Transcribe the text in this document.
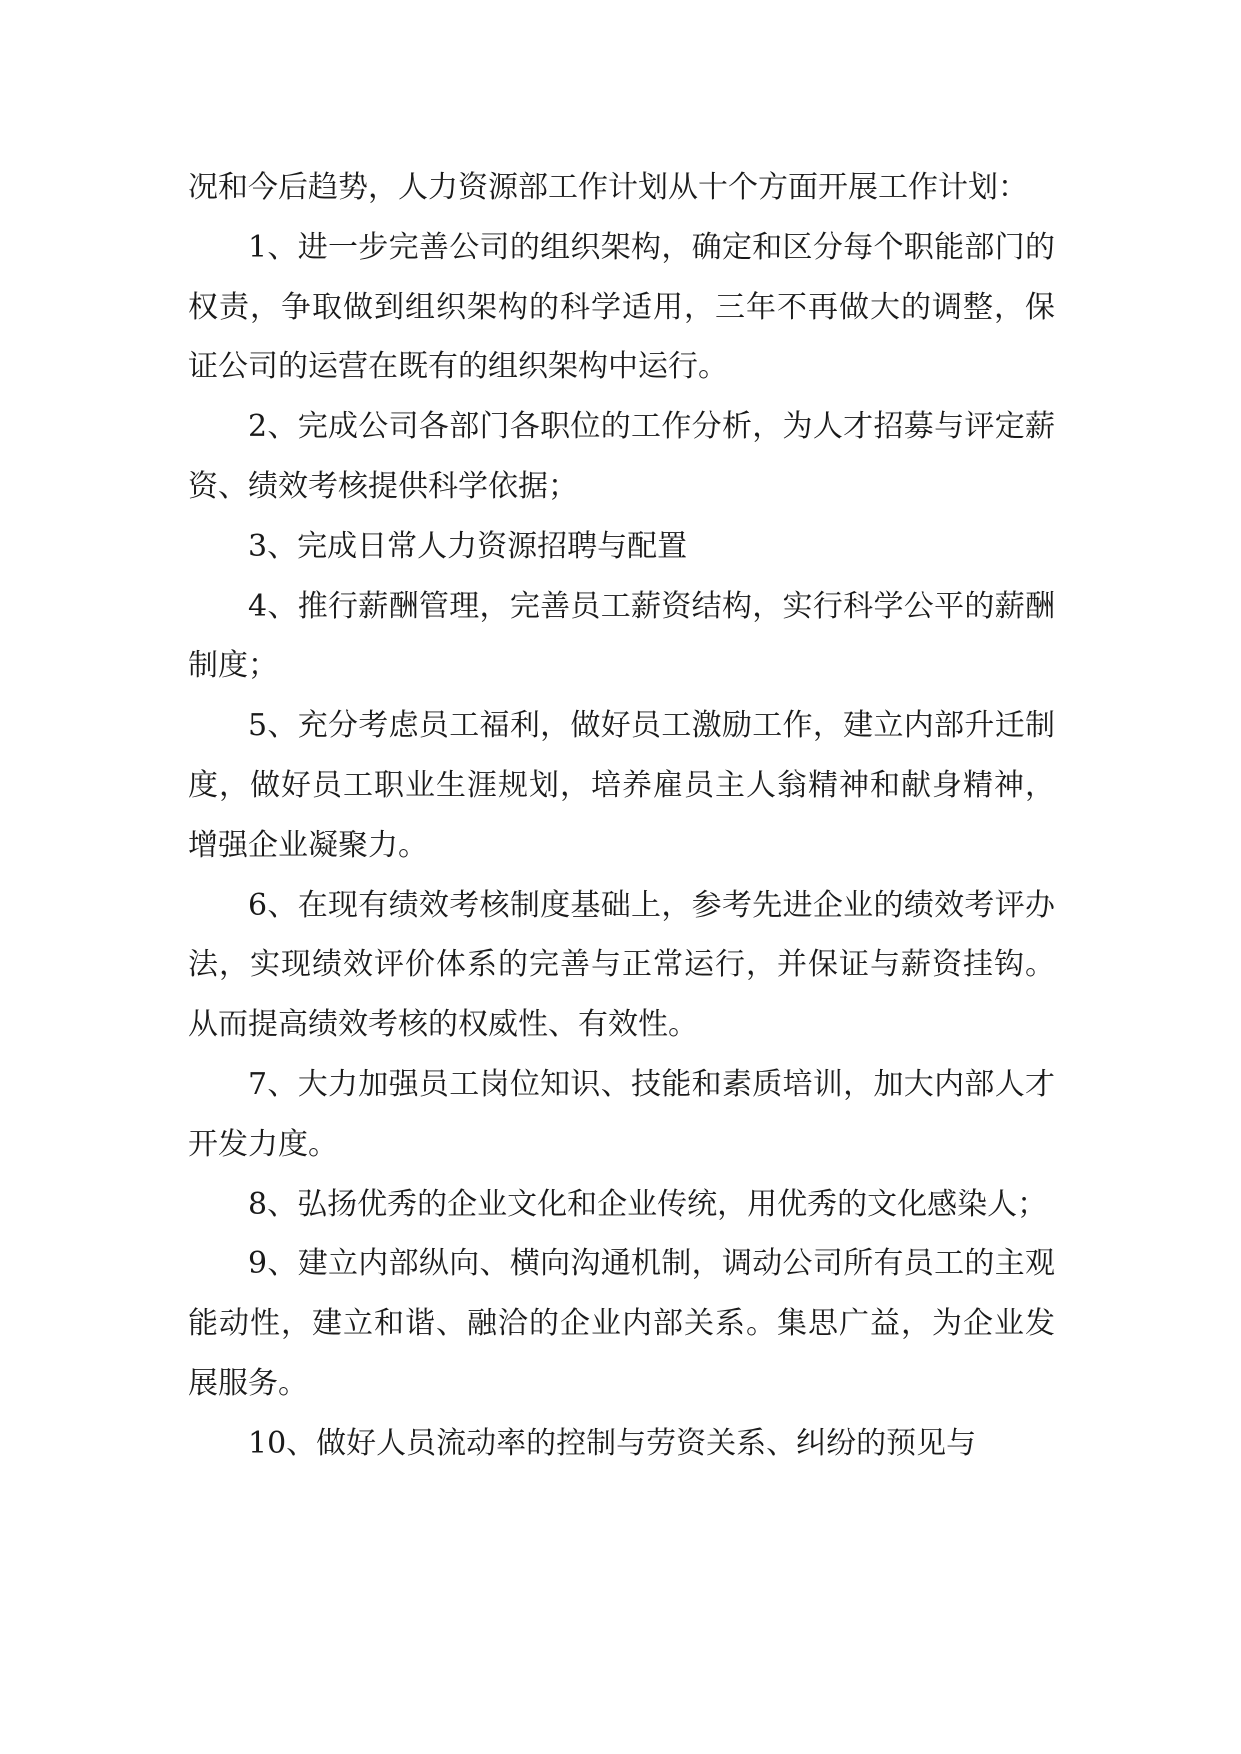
况和今后趋势，人力资源部工作计划从十个方面开展工作计划：

1、进一步完善公司的组织架构，确定和区分每个职能部门的权责，争取做到组织架构的科学适用，三年不再做大的调整，保证公司的运营在既有的组织架构中运行。

2、完成公司各部门各职位的工作分析，为人才招募与评定薪资、绩效考核提供科学依据；

3、完成日常人力资源招聘与配置

4、推行薪酬管理，完善员工薪资结构，实行科学公平的薪酬制度；

5、充分考虑员工福利，做好员工激励工作，建立内部升迁制度，做好员工职业生涯规划，培养雇员主人翁精神和献身精神，增强企业凝聚力。

6、在现有绩效考核制度基础上，参考先进企业的绩效考评办法，实现绩效评价体系的完善与正常运行，并保证与薪资挂钩。从而提高绩效考核的权威性、有效性。

7、大力加强员工岗位知识、技能和素质培训，加大内部人才开发力度。

8、弘扬优秀的企业文化和企业传统，用优秀的文化感染人；

9、建立内部纵向、横向沟通机制，调动公司所有员工的主观能动性，建立和谐、融洽的企业内部关系。集思广益，为企业发展服务。

10、做好人员流动率的控制与劳资关系、纠纷的预见与
